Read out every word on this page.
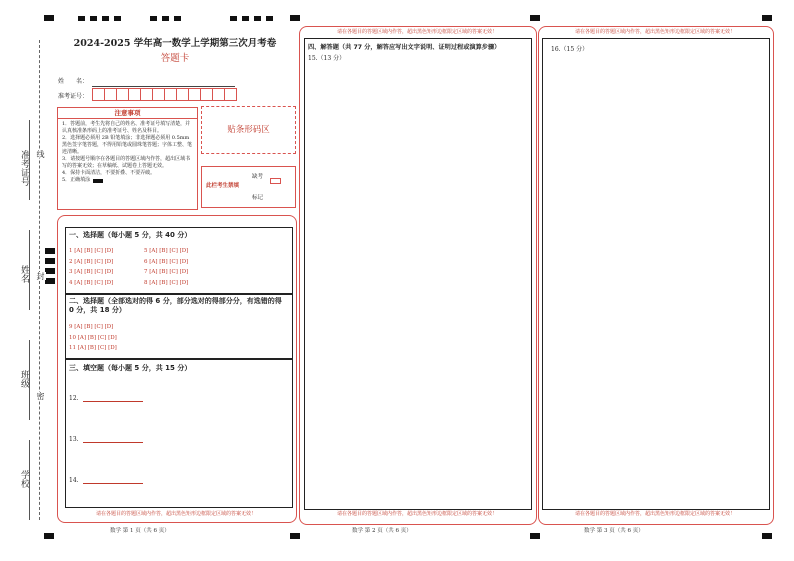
准考证号
姓名
班级
学校
线
封
密
2024-2025 学年高一数学上学期第三次月考卷
答题卡
姓　　名：
准考证号：
注意事项
1．答题前，考生先将自己的姓名、准考证号填写清楚，并认真核准条形码上的准考证号、姓名及科目。
2．选择题必须用 2B 铅笔填涂；非选择题必须用 0.5mm 黑色签字笔答题，不得用铅笔或圆珠笔答题；字体工整、笔迹清晰。
3．请按题号顺序在各题目的答题区域内作答，超出区域书写的答案无效；在草稿纸、试题卷上答题无效。
4．保持卡面清洁，不要折叠、不要弄破。
5．正确填涂
贴条形码区
此栏考生禁填
缺考
标记
一、选择题（每小题 5 分，共 40 分）
1 [A] [B] [C] [D]
2 [A] [B] [C] [D]
3 [A] [B] [C] [D]
4 [A] [B] [C] [D]
5 [A] [B] [C] [D]
6 [A] [B] [C] [D]
7 [A] [B] [C] [D]
8 [A] [B] [C] [D]
二、选择题（全部选对的得 6 分，部分选对的得部分分，有选错的得 0 分，共 18 分）
9 [A] [B] [C] [D]
10 [A] [B] [C] [D]
11 [A] [B] [C] [D]
三、填空题（每小题 5 分，共 15 分）
12.
13.
14.
请在各题目的答题区域内作答，超出黑色矩形边框限定区域的答案无效！
请在各题目的答题区域内作答，超出黑色矩形边框限定区域的答案无效！
四、解答题（共 77 分，解答应写出文字说明、证明过程或演算步骤）
15.（13 分）
请在各题目的答题区域内作答，超出黑色矩形边框限定区域的答案无效！
请在各题目的答题区域内作答，超出黑色矩形边框限定区域的答案无效！
16.（15 分）
请在各题目的答题区域内作答，超出黑色矩形边框限定区域的答案无效！
数学 第 1 页（共 6 页）	数学 第 2 页（共 6 页）	数学 第 3 页（共 6 页）
